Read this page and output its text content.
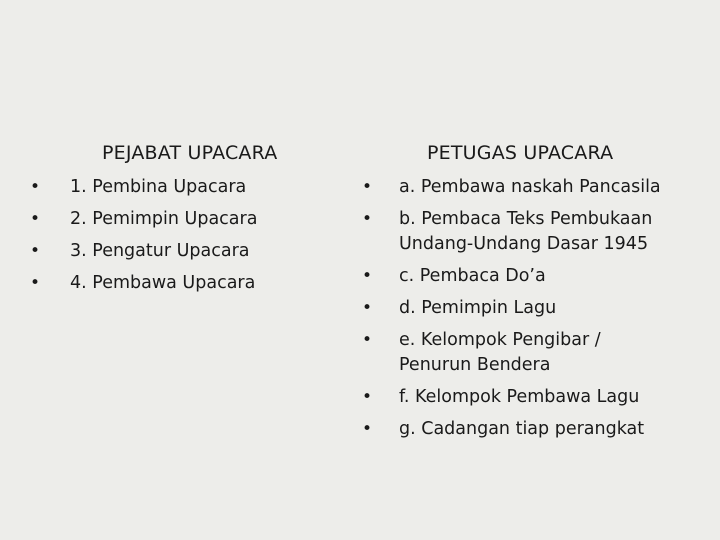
PEJABAT UPACARA	PETUGAS UPACARA
• 1. Pembina Upacara
• 2. Pemimpin Upacara
• 3. Pengatur Upacara
• 4. Pembawa Upacara
• a. Pembawa naskah Pancasila
• b. Pembaca Teks Pembukaan
Undang-Undang Dasar 1945
• c. Pembaca Do’a
• d. Pemimpin Lagu
• e. Kelompok Pengibar /
Penurun Bendera
• f. Kelompok Pembawa Lagu
• g. Cadangan tiap perangkat
